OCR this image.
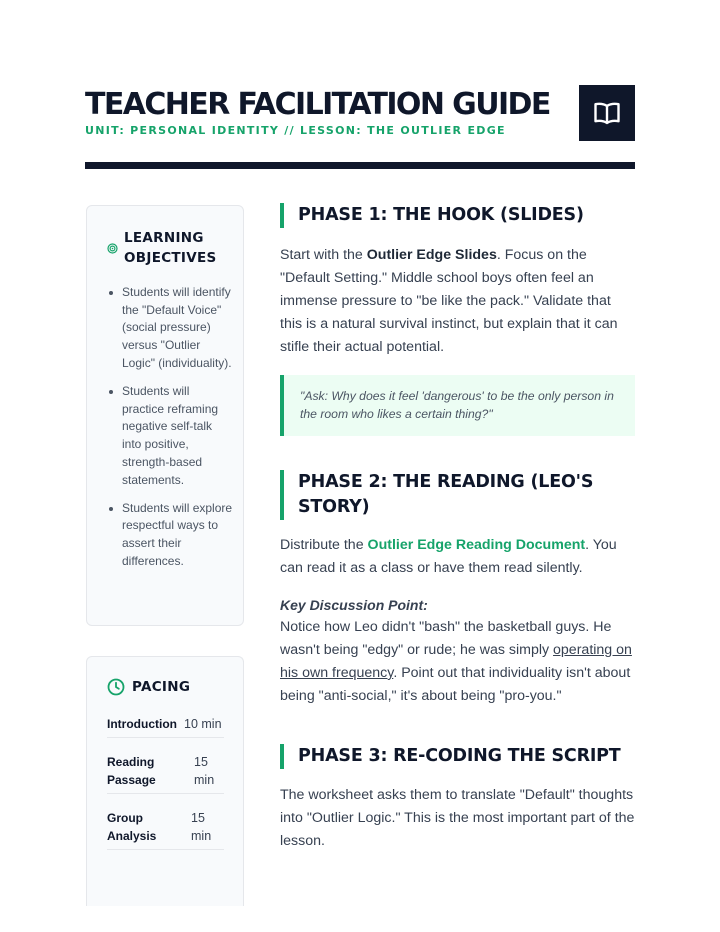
TEACHER FACILITATION GUIDE
UNIT: PERSONAL IDENTITY // LESSON: THE OUTLIER EDGE
LEARNING
OBJECTIVES
Students will identify the "Default Voice" (social pressure) versus "Outlier Logic" (individuality).
Students will practice reframing negative self-talk into positive, strength-based statements.
Students will explore respectful ways to assert their differences.
PACING
Introduction 10 min
Reading Passage
15 min
Group Analysis
15 min
PHASE 1: THE HOOK (SLIDES)

Start with the Outlier Edge Slides. Focus on the "Default Setting." Middle school boys often feel an immense pressure to "be like the pack." Validate that this is a natural survival instinct, but explain that it can stifle their actual potential.

"Ask: Why does it feel 'dangerous' to be the only person in the room who likes a certain thing?"
PHASE 2: THE READING (LEO'S STORY)

Distribute the Outlier Edge Reading Document. You can read it as a class or have them read silently.

Key Discussion Point:

Notice how Leo didn't "bash" the basketball guys. He wasn't being "edgy" or rude; he was simply operating on his own frequency. Point out that individuality isn't about being "anti-social," it's about being "pro-you."

PHASE 3: RE-CODING THE SCRIPT

The worksheet asks them to translate "Default" thoughts into "Outlier Logic." This is the most important part of the lesson.
